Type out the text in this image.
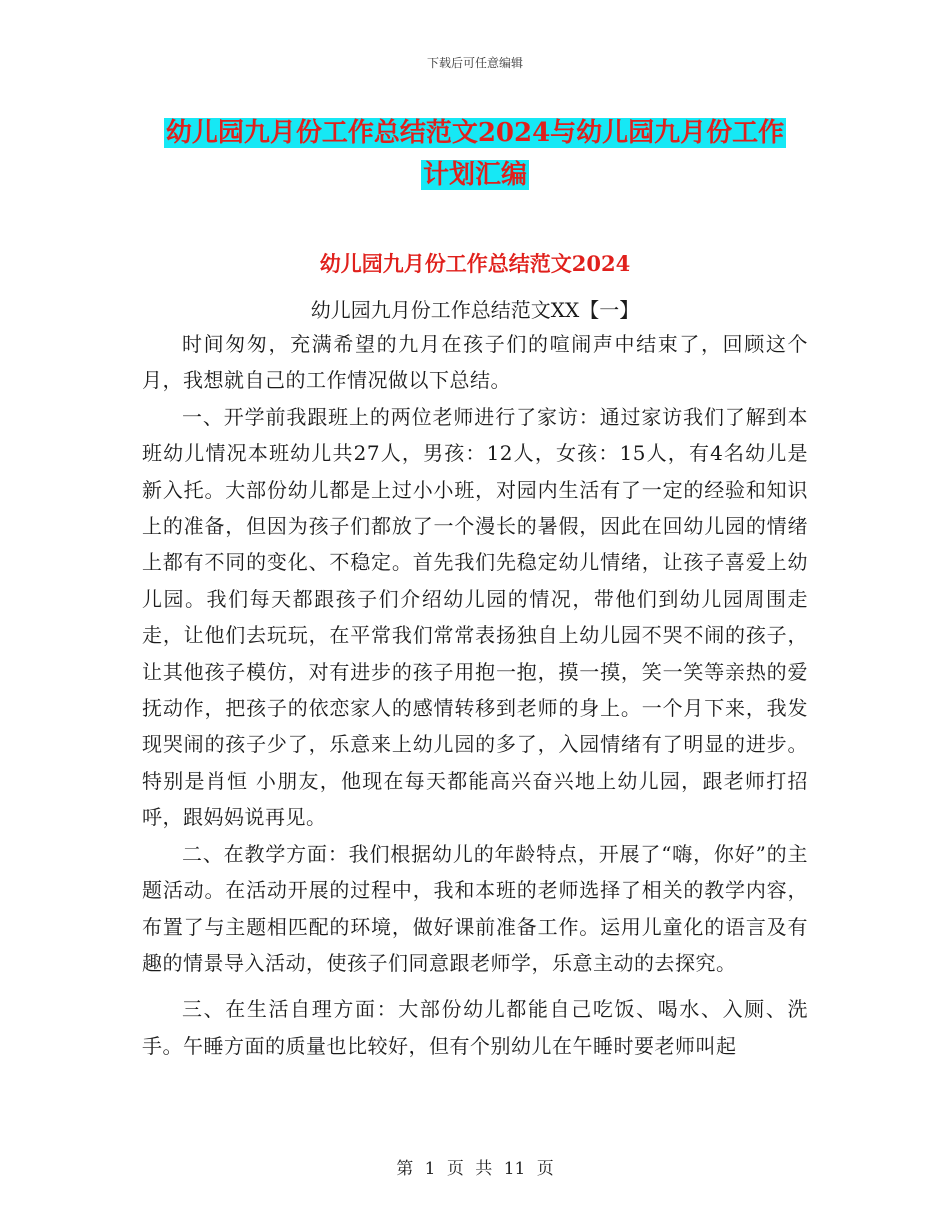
下载后可任意编辑
幼儿园九月份工作总结范文2024与幼儿园九月份工作
计划汇编
幼儿园九月份工作总结范文2024
幼儿园九月份工作总结范文XX【一】

时间匆匆，充满希望的九月在孩子们的喧闹声中结束了，回顾这个月，我想就自己的工作情况做以下总结。

一、开学前我跟班上的两位老师进行了家访：通过家访我们了解到本班幼儿情况本班幼儿共27人，男孩：12人，女孩：15人，有4名幼儿是新入托。大部份幼儿都是上过小小班，对园内生活有了一定的经验和知识上的准备，但因为孩子们都放了一个漫长的暑假，因此在回幼儿园的情绪上都有不同的变化、不稳定。首先我们先稳定幼儿情绪，让孩子喜爱上幼儿园。我们每天都跟孩子们介绍幼儿园的情况，带他们到幼儿园周围走走，让他们去玩玩，在平常我们常常表扬独自上幼儿园不哭不闹的孩子，让其他孩子模仿，对有进步的孩子用抱一抱，摸一摸，笑一笑等亲热的爱抚动作，把孩子的依恋家人的感情转移到老师的身上。一个月下来，我发现哭闹的孩子少了，乐意来上幼儿园的多了，入园情绪有了明显的进步。特别是肖恒 小朋友，他现在每天都能高兴奋兴地上幼儿园，跟老师打招呼，跟妈妈说再见。

二、在教学方面：我们根据幼儿的年龄特点，开展了“嗨，你好”的主题活动。在活动开展的过程中，我和本班的老师选择了相关的教学内容，布置了与主题相匹配的环境，做好课前准备工作。运用儿童化的语言及有趣的情景导入活动，使孩子们同意跟老师学，乐意主动的去探究。

三、在生活自理方面：大部份幼儿都能自己吃饭、喝水、入厕、洗手。午睡方面的质量也比较好，但有个别幼儿在午睡时要老师叫起

第 1 页 共 11 页
